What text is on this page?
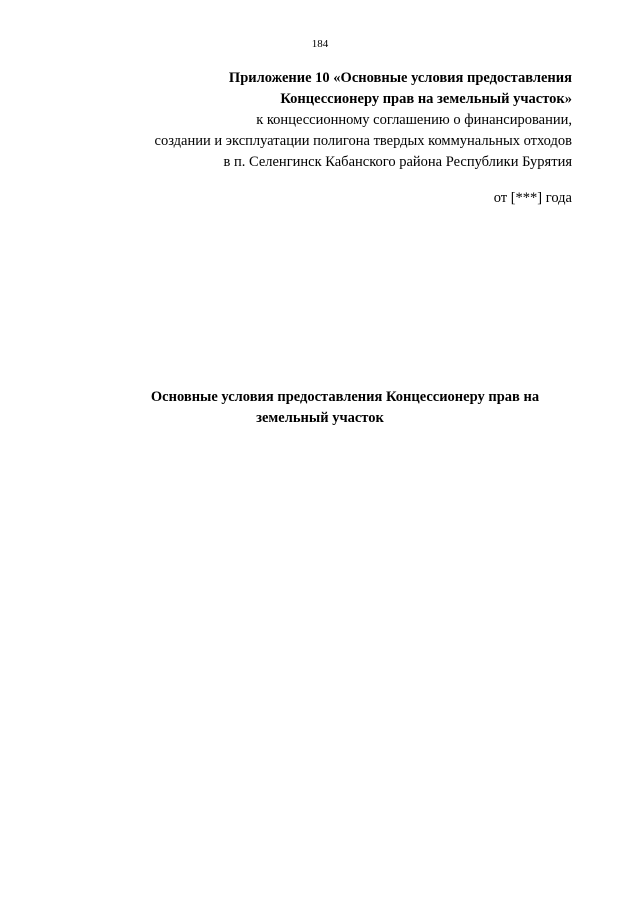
184
Приложение 10 «Основные условия предоставления
Концессионеру прав на земельный участок»
к концессионному соглашению о финансировании,
создании и эксплуатации полигона твердых коммунальных отходов
в п. Селенгинск Кабанского района Республики Бурятия
от [***] года
Основные условия предоставления Концессионеру прав на
земельный участок
